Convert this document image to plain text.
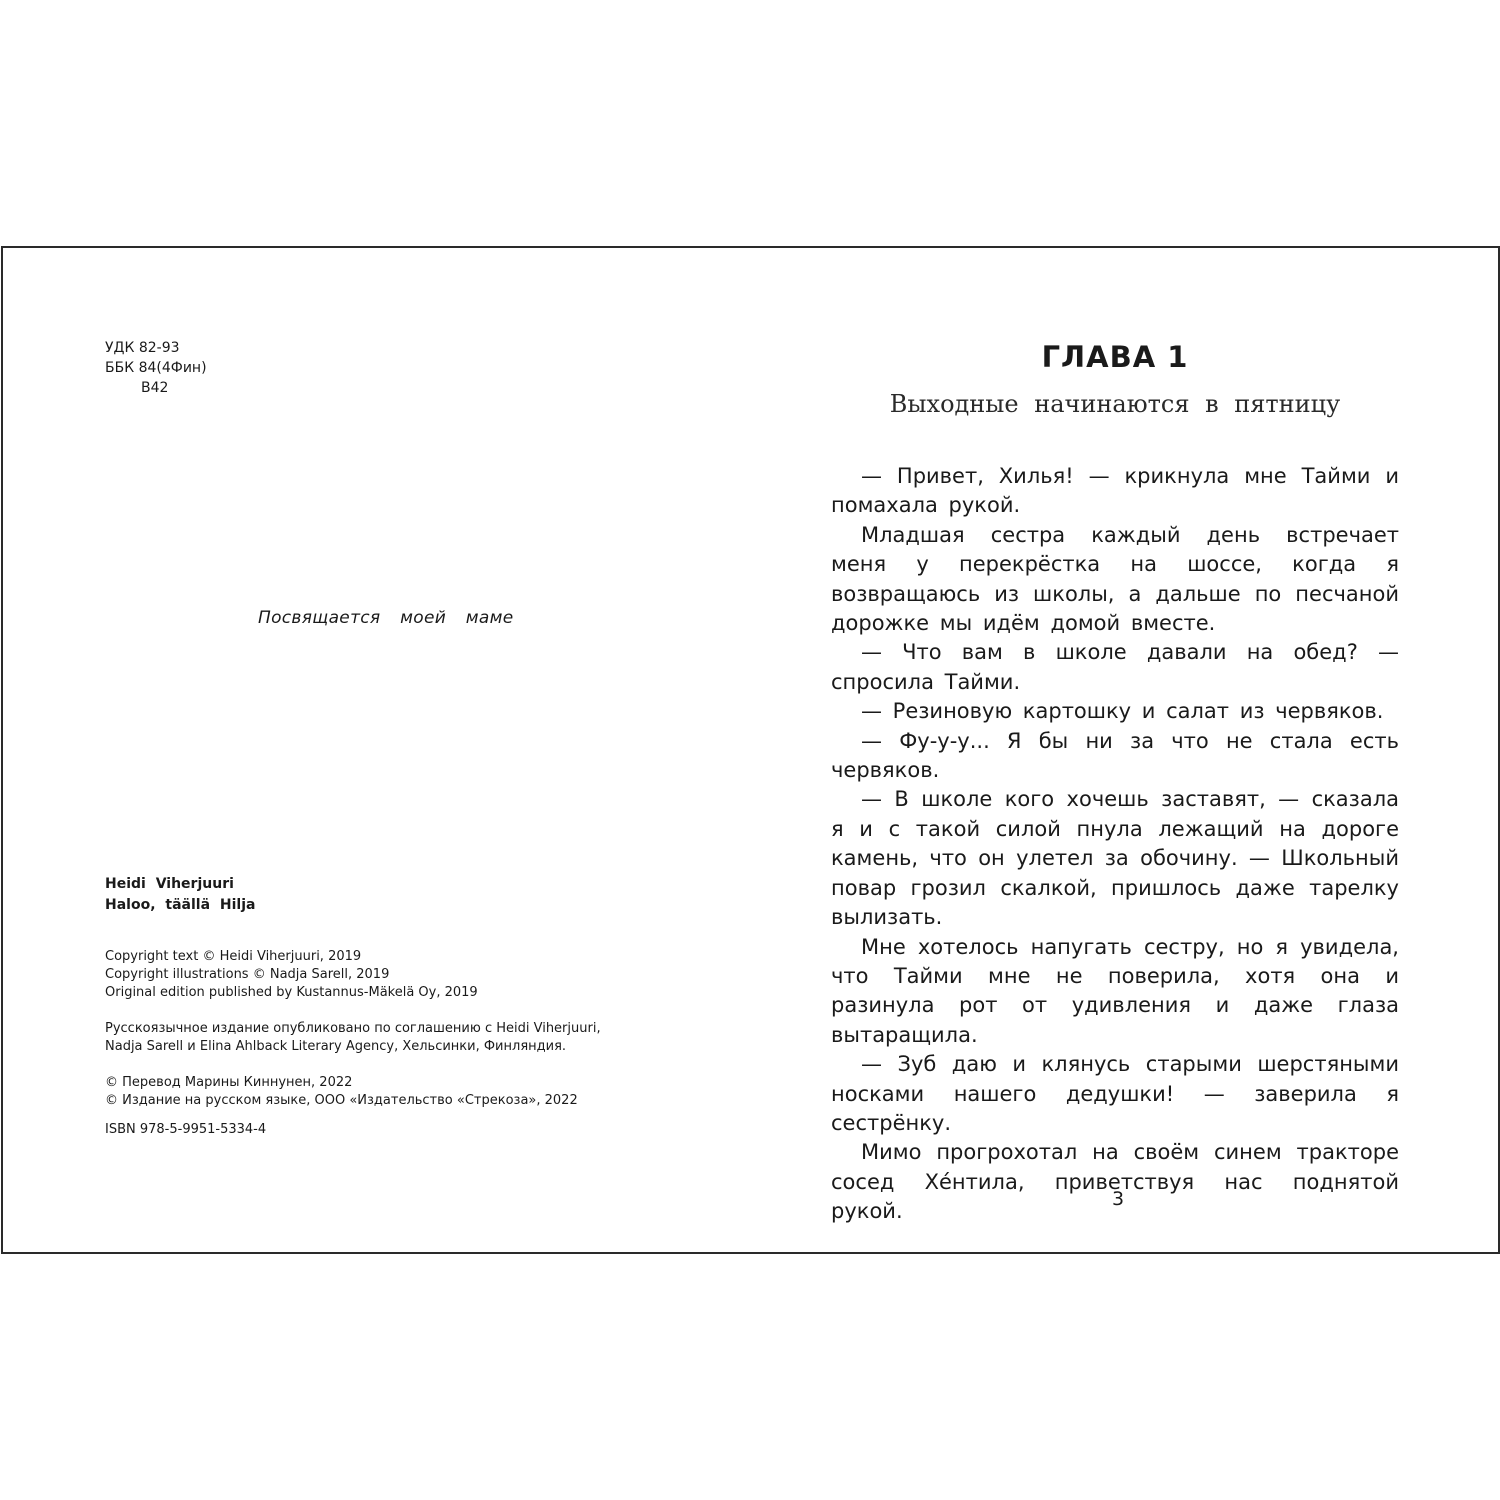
УДК 82-93
ББК 84(4Фин)
В42
Посвящается моей маме
Heidi Viherjuuri
Haloo, täällä Hilja
Copyright text © Heidi Viherjuuri, 2019
Copyright illustrations © Nadja Sarell, 2019
Original edition published by Kustannus-Mäkelä Oy, 2019
Русскоязычное издание опубликовано по соглашению с Heidi Viherjuuri,
Nadja Sarell и Elina Ahlback Literary Agency, Хельсинки, Финляндия.
© Перевод Марины Киннунен, 2022
© Издание на русском языке, ООО «Издательство «Стрекоза», 2022
ISBN 978-5-9951-5334-4
ГЛАВА 1
Выходные начинаются в пятницу

— Привет, Хилья! — крикнула мне Тайми и помахала рукой.

Младшая сестра каждый день встречает меня у перекрёстка на шоссе, когда я возвращаюсь из школы, а дальше по песчаной дорожке мы идём домой вместе.

— Что вам в школе давали на обед? — спросила Тайми.

— Резиновую картошку и салат из червяков.

— Фу-у-у... Я бы ни за что не стала есть червяков.

— В школе кого хочешь заставят, — сказала я и с такой силой пнула лежащий на дороге камень, что он улетел за обочину. — Школьный повар грозил скалкой, пришлось даже тарелку вылизать.

Мне хотелось напугать сестру, но я увидела, что Тайми мне не поверила, хотя она и разинула рот от удивления и даже глаза вытаращила.

— Зуб даю и клянусь старыми шерстяными носками нашего дедушки! — заверила я сестрёнку.

Мимо прогрохотал на своём синем тракторе сосед Хе́нтила, приветствуя нас поднятой рукой.

3
